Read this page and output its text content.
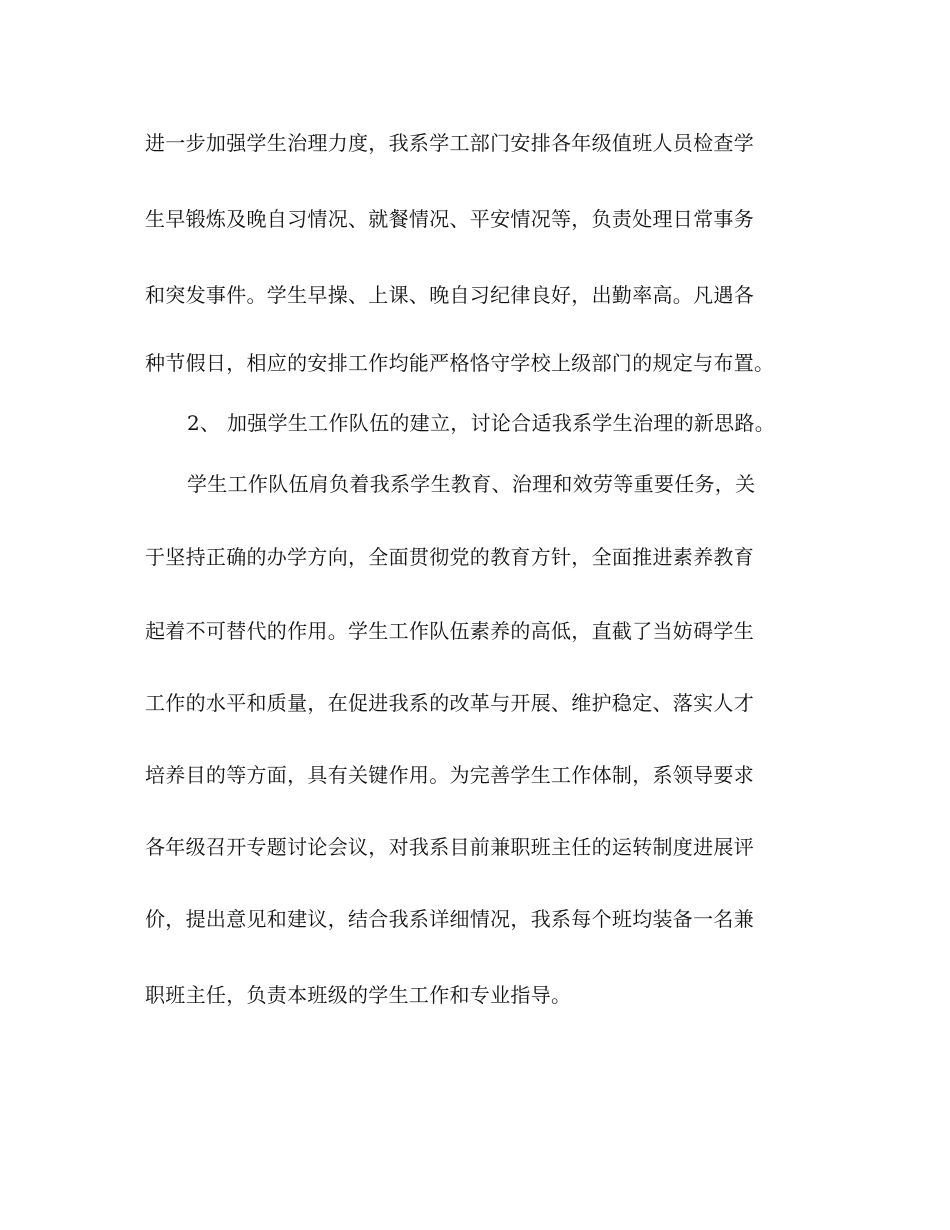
进一步加强学生治理力度，我系学工部门安排各年级值班人员检查学
生早锻炼及晚自习情况、就餐情况、平安情况等，负责处理日常事务
和突发事件。学生早操、上课、晚自习纪律良好，出勤率高。凡遇各
种节假日，相应的安排工作均能严格恪守学校上级部门的规定与布置。
2、 加强学生工作队伍的建立，讨论合适我系学生治理的新思路。
学生工作队伍肩负着我系学生教育、治理和效劳等重要任务，关
于坚持正确的办学方向，全面贯彻党的教育方针，全面推进素养教育
起着不可替代的作用。学生工作队伍素养的高低，直截了当妨碍学生
工作的水平和质量，在促进我系的改革与开展、维护稳定、落实人才
培养目的等方面，具有关键作用。为完善学生工作体制，系领导要求
各年级召开专题讨论会议，对我系目前兼职班主任的运转制度进展评
价，提出意见和建议，结合我系详细情况，我系每个班均装备一名兼
职班主任，负责本班级的学生工作和专业指导。
